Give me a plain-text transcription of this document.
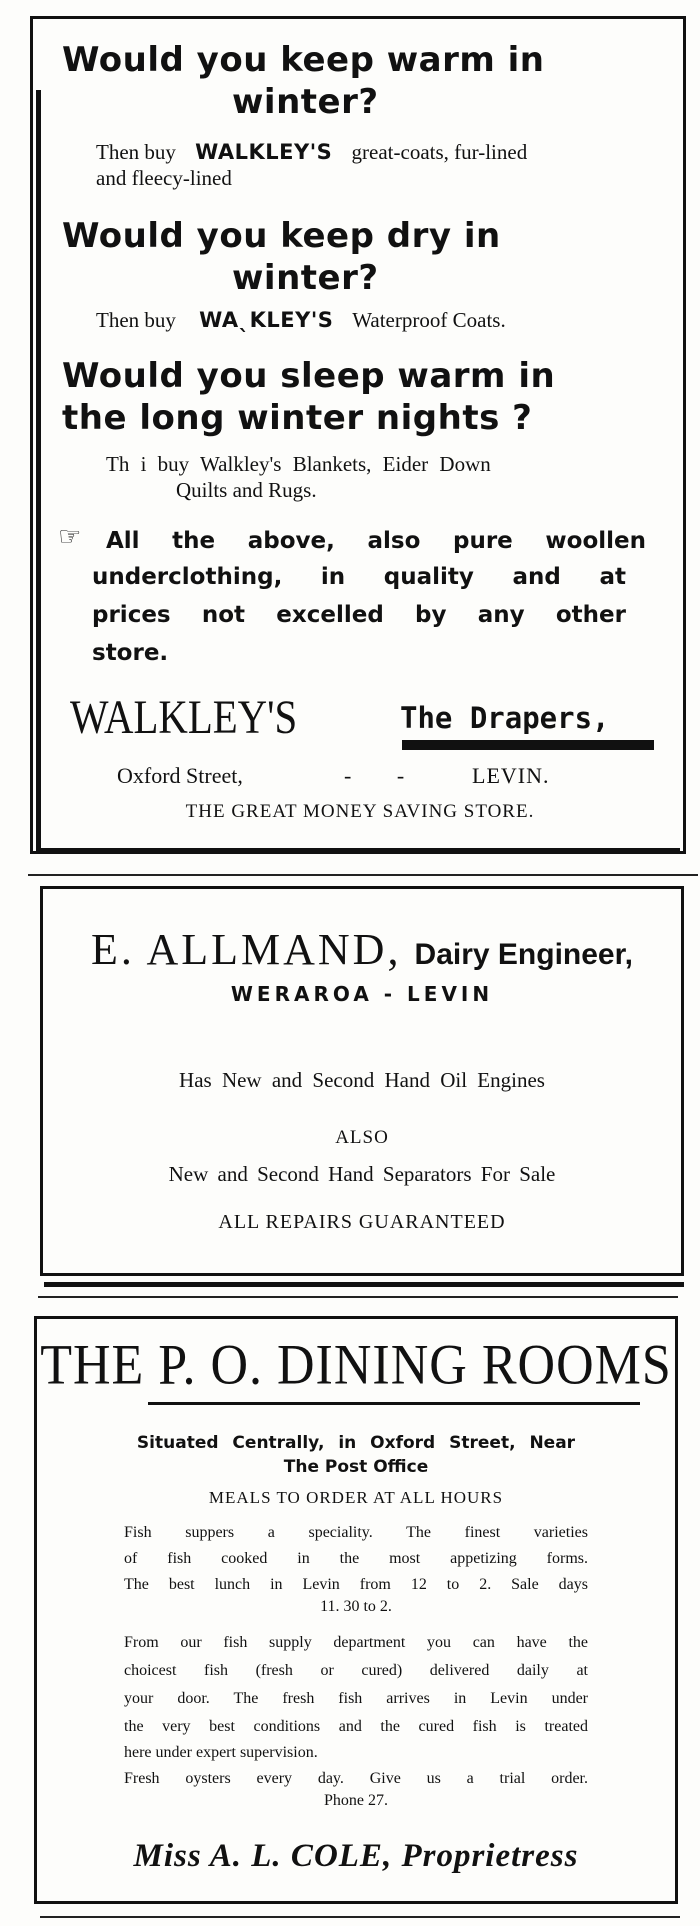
Would you keep warm in
winter?
Then buy WALKLEY'S great-coats, fur-lined
and fleecy-lined
Would you keep dry in
winter?
Then buy WAˎKLEY'S Waterproof Coats.
Would you sleep warm in
the long winter nights ?
Th i buy Walkley's Blankets, Eider Down
Quilts and Rugs.
☞ All the above, also pure woollen
underclothing, in quality and at
prices not excelled by any other
store.
WALKLEY'S	The Drapers,
Oxford Street,	- -	LEVIN.
THE GREAT MONEY SAVING STORE.
E. ALLMAND, Dairy Engineer,
WERAROA - LEVIN
Has New and Second Hand Oil Engines
ALSO
New and Second Hand Separators For Sale
ALL REPAIRS GUARANTEED
THE P. O. DINING ROOMS
Situated Centrally, in Oxford Street, Near
The Post Office
MEALS TO ORDER AT ALL HOURS
Fish suppers a speciality. The finest varieties
of fish cooked in the most appetizing forms.
The best lunch in Levin from 12 to 2. Sale days
11. 30 to 2.
From our fish supply department you can have the
choicest fish (fresh or cured) delivered daily at
your door. The fresh fish arrives in Levin under
the very best conditions and the cured fish is treated
here under expert supervision.
Fresh oysters every day. Give us a trial order.
Phone 27.
Miss A. L. COLE, Proprietress
